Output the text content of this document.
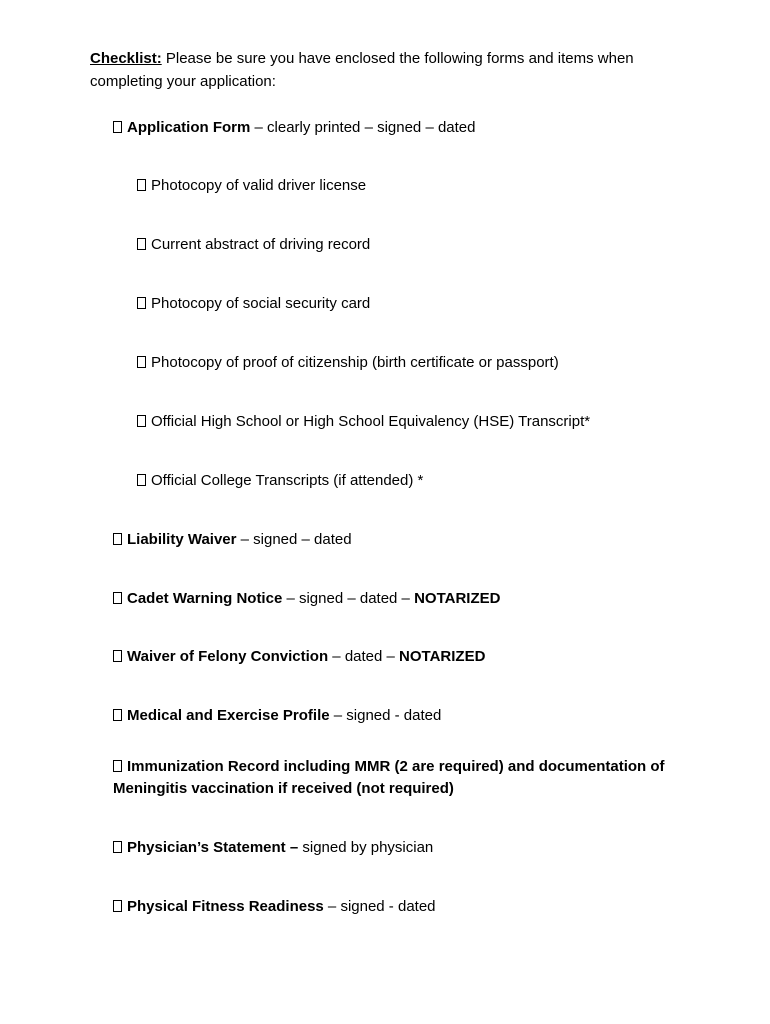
Checklist: Please be sure you have enclosed the following forms and items when completing your application:
Application Form – clearly printed – signed – dated
Photocopy of valid driver license
Current abstract of driving record
Photocopy of social security card
Photocopy of proof of citizenship (birth certificate or passport)
Official High School or High School Equivalency (HSE) Transcript*
Official College Transcripts (if attended) *
Liability Waiver – signed – dated
Cadet Warning Notice – signed – dated – NOTARIZED
Waiver of Felony Conviction – dated – NOTARIZED
Medical and Exercise Profile – signed - dated
Immunization Record including MMR (2 are required) and documentation of Meningitis vaccination if received (not required)
Physician’s Statement – signed by physician
Physical Fitness Readiness – signed - dated
